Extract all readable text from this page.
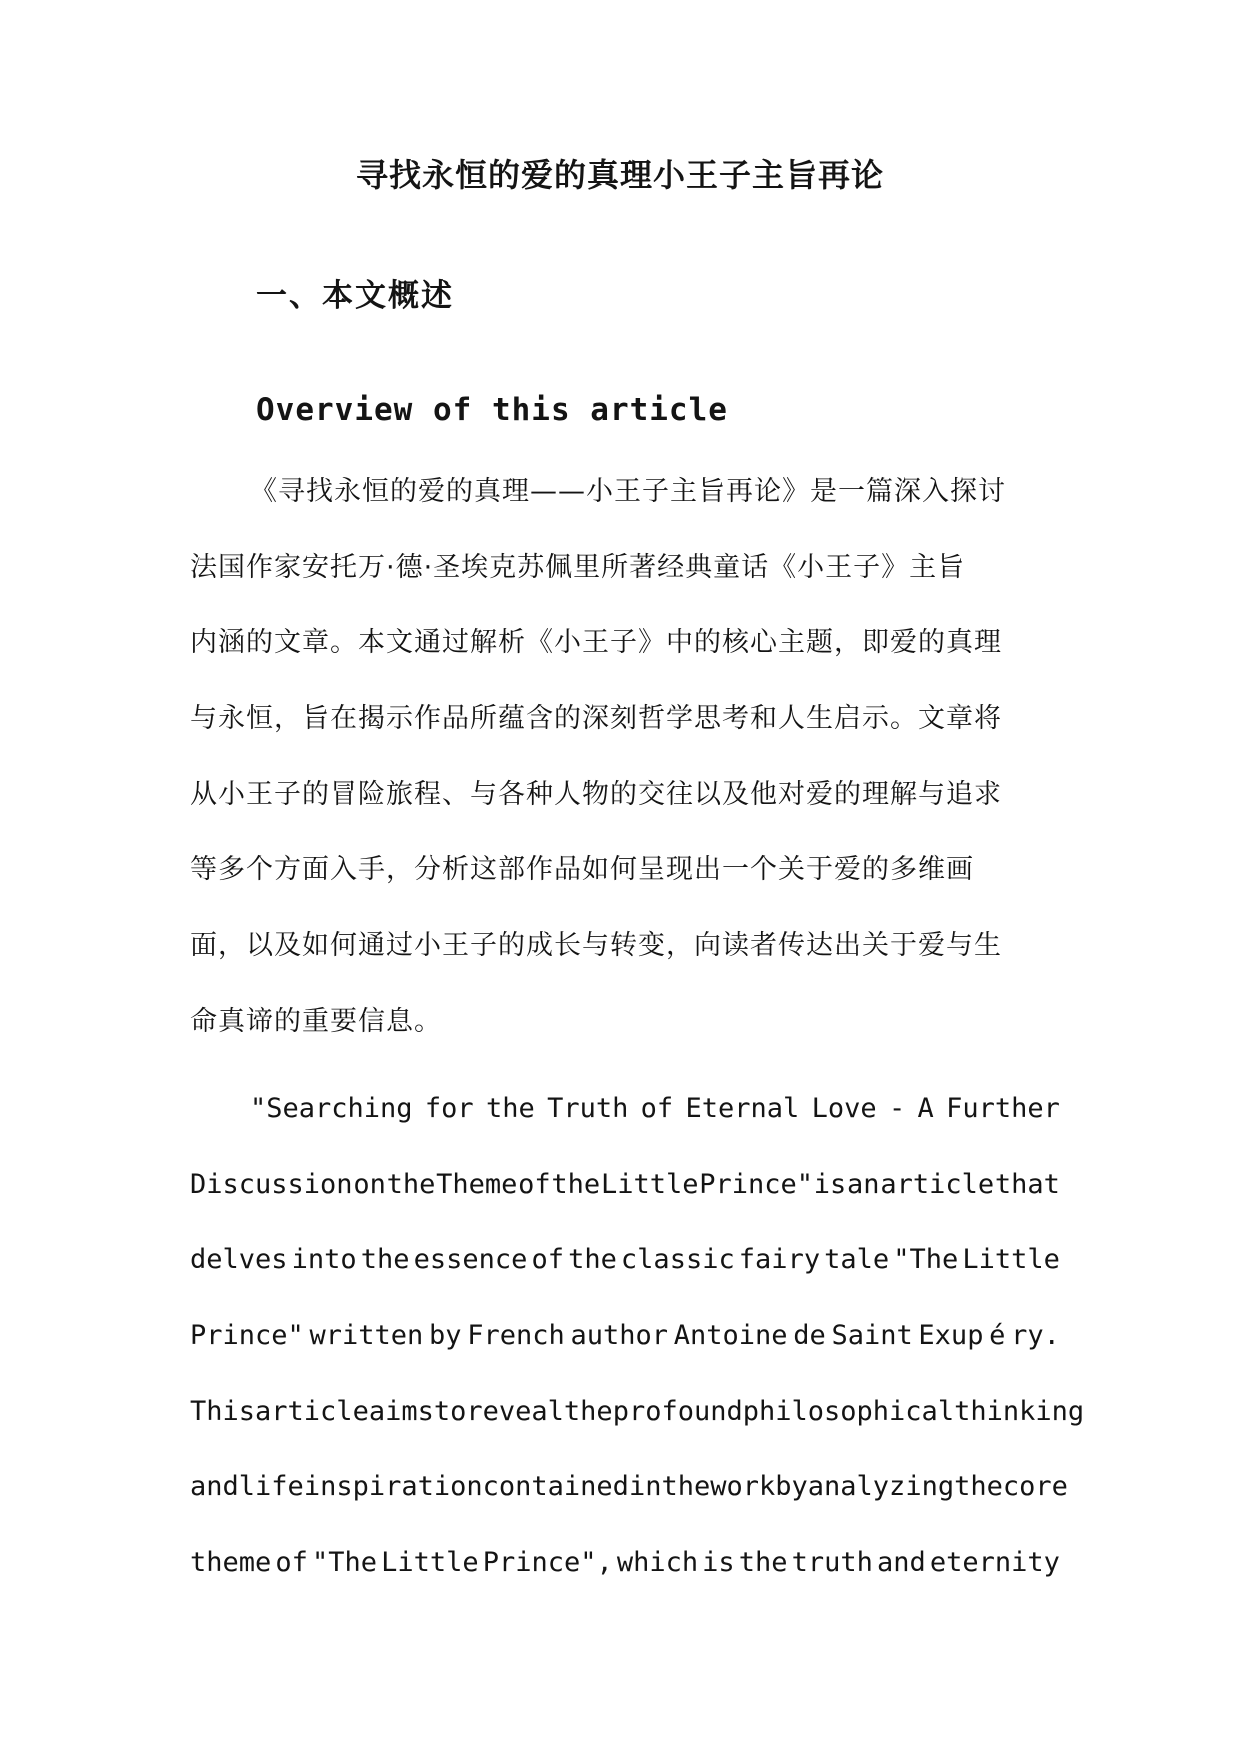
寻找永恒的爱的真理小王子主旨再论
一、本文概述
Overview of this article
《寻找永恒的爱的真理——小王子主旨再论》是一篇深入探讨
法国作家安托万·德·圣埃克苏佩里所著经典童话《小王子》主旨
内涵的文章。本文通过解析《小王子》中的核心主题，即爱的真理
与永恒，旨在揭示作品所蕴含的深刻哲学思考和人生启示。文章将
从小王子的冒险旅程、与各种人物的交往以及他对爱的理解与追求
等多个方面入手，分析这部作品如何呈现出一个关于爱的多维画
面，以及如何通过小王子的成长与转变，向读者传达出关于爱与生
命真谛的重要信息。
"Searching for the Truth of Eternal Love - A Further
Discussion on the Theme of the Little Prince" is an article that
delves into the essence of the classic fairy tale "The Little
Prince" written by French author Antoine de Saint Exup é ry.
This article aims to reveal the profound philosophical thinking
and life inspiration contained in the work by analyzing the core
theme of "The Little Prince", which is the truth and eternity
